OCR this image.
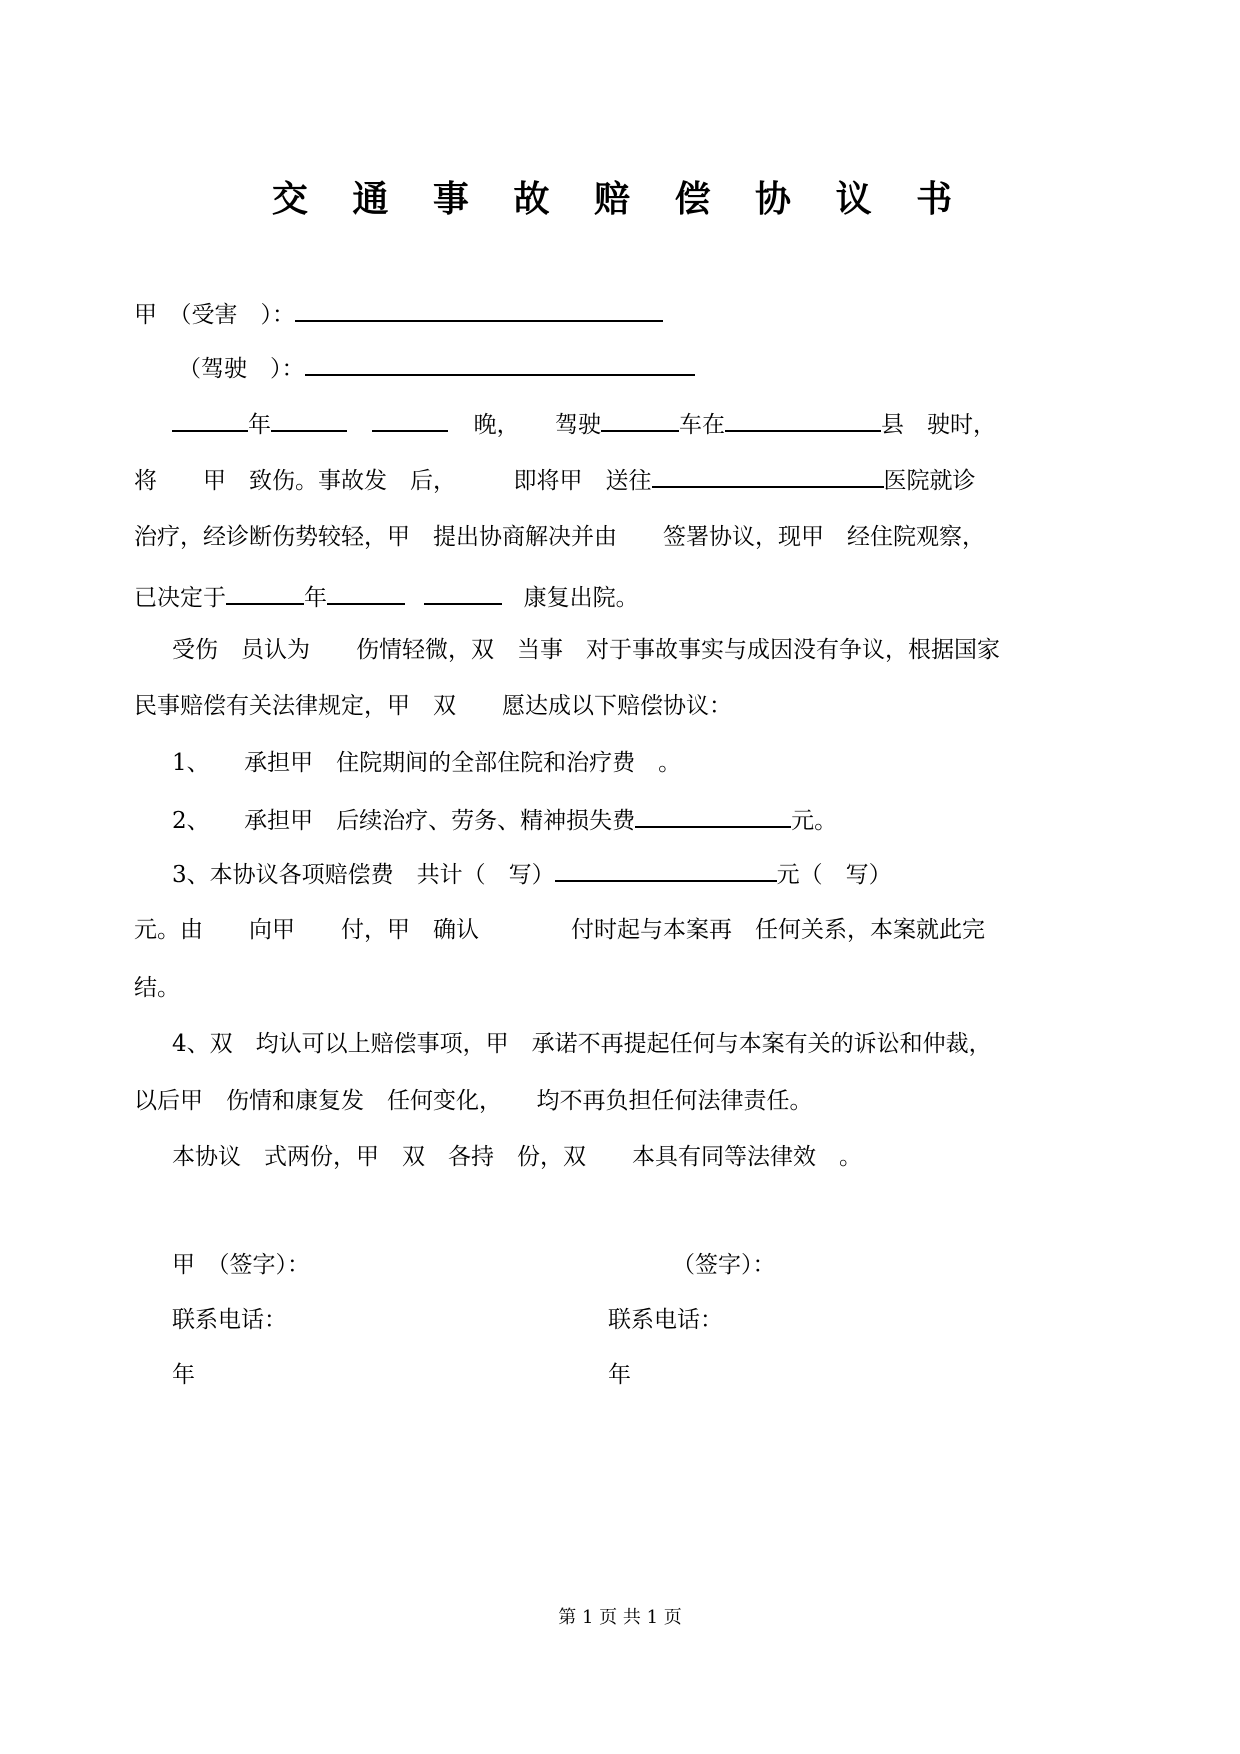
交 通 事 故 赔 偿 协 议 书
甲　（受害　）：
（驾驶　）：
年	晚， 驾驶	车在	县　驶时，
将　　甲　致伤。事故发　后，　　　即将甲　送往	医院就诊
治疗，经诊断伤势较轻，甲　提出协商解决并由　　签署协议，现甲　经住院观察，
已决定于	年	康复出院。
受伤　员认为　　伤情轻微，双　当事　对于事故事实与成因没有争议，根据国家
民事赔偿有关法律规定，甲　双　　愿达成以下赔偿协议：
1、　　承担甲　住院期间的全部住院和治疗费　。
2、　　承担甲　后续治疗、劳务、精神损失费	元。
3、本协议各项赔偿费　共计（　写）	元（　写）
元。由　　向甲　　付，甲　确认　　　　付时起与本案再　任何关系，本案就此完
结。
4、双　均认可以上赔偿事项，甲　承诺不再提起任何与本案有关的诉讼和仲裁，
以后甲　伤情和康复发　任何变化，　　均不再负担任何法律责任。
本协议　式两份，甲　双　各持　份，双　　本具有同等法律效　。
甲　（签字）：	（签字）：
联系电话：	联系电话：
年	年
第 1 页 共 1 页
